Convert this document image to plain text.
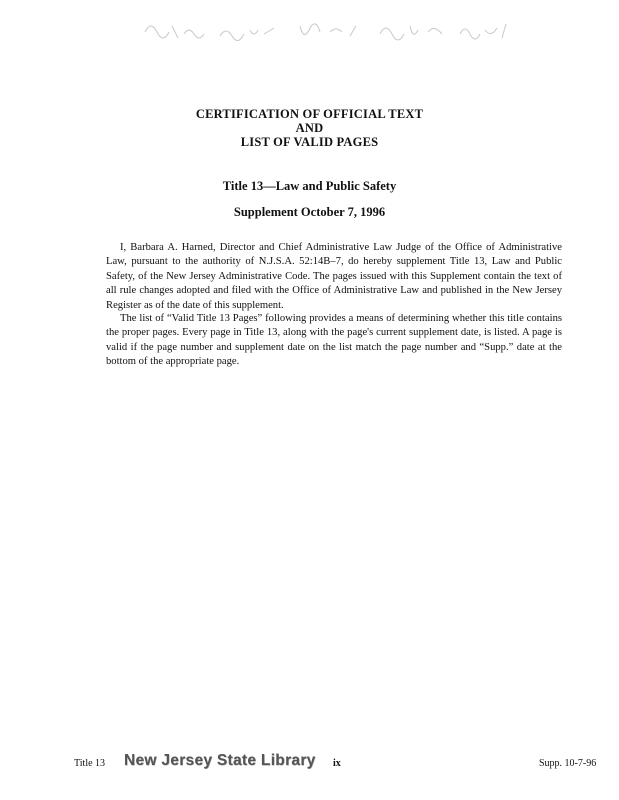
CERTIFICATION OF OFFICIAL TEXT
AND
LIST OF VALID PAGES
Title 13—Law and Public Safety
Supplement October 7, 1996
I, Barbara A. Harned, Director and Chief Administrative Law Judge of the Office of Administrative Law, pursuant to the authority of N.J.S.A. 52:14B–7, do hereby supplement Title 13, Law and Public Safety, of the New Jersey Administrative Code. The pages issued with this Supplement contain the text of all rule changes adopted and filed with the Office of Administrative Law and published in the New Jersey Register as of the date of this supplement.
The list of “Valid Title 13 Pages” following provides a means of determining whether this title contains the proper pages. Every page in Title 13, along with the page's current supplement date, is listed. A page is valid if the page number and supplement date on the list match the page number and “Supp.” date at the bottom of the appropriate page.
Title 13 New Jersey State Library ix	Supp. 10-7-96
